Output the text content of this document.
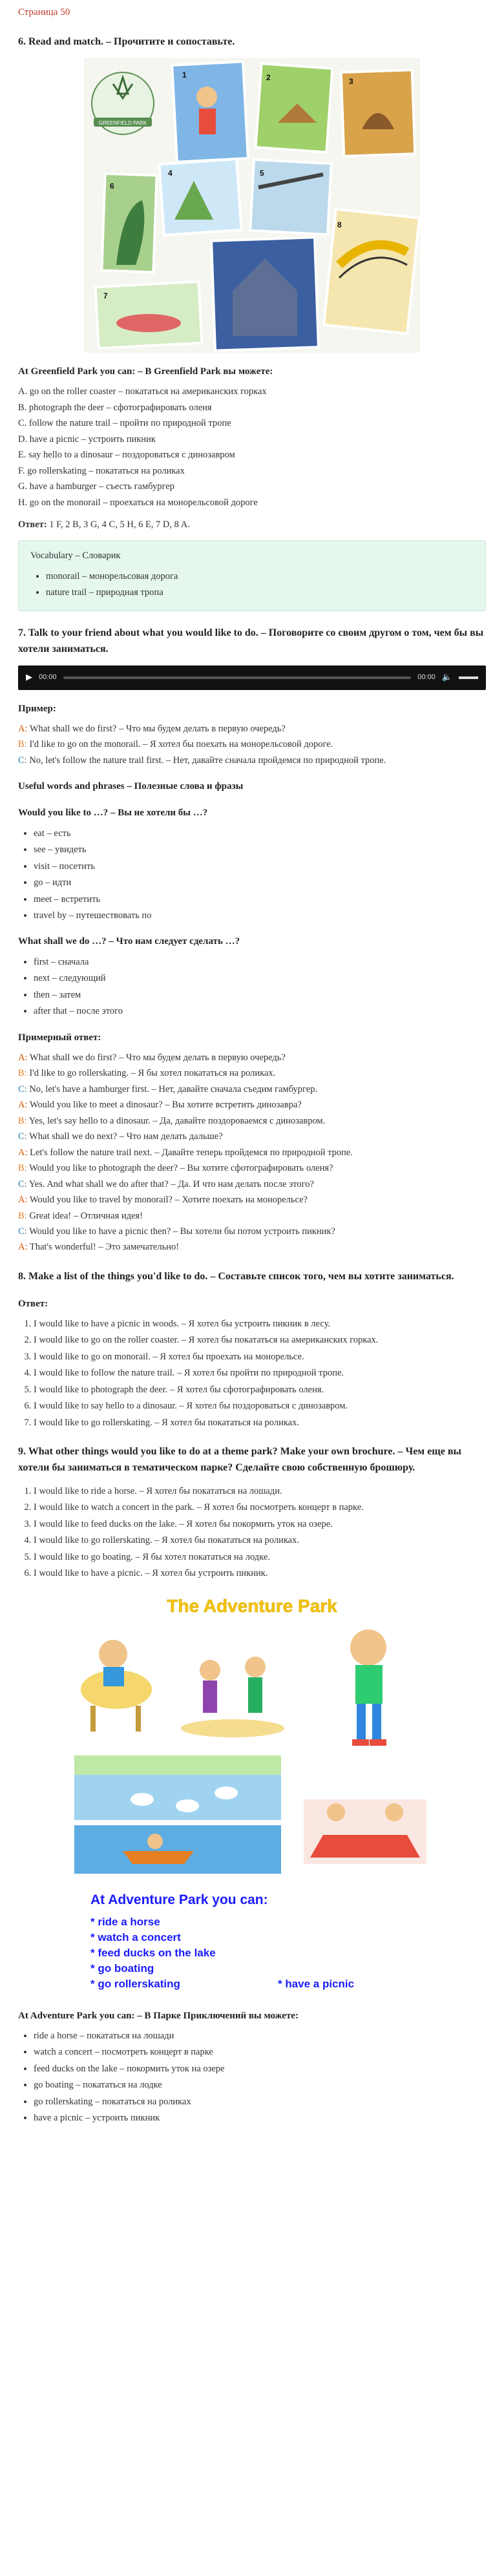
Страница 50
6. Read and match. – Прочитите и сопоставьте.
GREENFIELD PARK
1	2	3
4	5
6
7
8
At Greenfield Park you can: – В Greenfield Park вы можете:

A. go on the roller coaster – покататься на американских горках

B. photograph the deer – сфотографировать оленя

C. follow the nature trail – пройти по природной тропе

D. have a picnic – устроить пикник

E. say hello to a dinosaur – поздороваться с динозавром

F. go rollerskating – покататься на роликах

G. have a hamburger – съесть гамбургер

H. go on the monorail – проехаться на монорельсовой дороге

Ответ: 1 F, 2 B, 3 G, 4 C, 5 H, 6 E, 7 D, 8 A.

Vocabulary – Словарик
• monorail – монорельсовая дорога
• nature trail – природная тропа
7. Talk to your friend about what you would like to do. – Поговорите со своим другом о том, чем бы вы хотели заниматься.
▶ 00:00	00:00 🔈
Пример:

A: What shall we do first? – Что мы будем делать в первую очередь?

B: I'd like to go on the monorail. – Я хотел бы поехать на монорельсовой дороге.

C: No, let's follow the nature trail first. – Нет, давайте сначала пройдемся по природной тропе.

Useful words and phrases – Полезные слова и фразы
Would you like to …? – Вы не хотели бы …?
• eat – есть
• see – увидеть
• visit – посетить
• go – идти
• meet – встретить
• travel by – путешествовать по
What shall we do …? – Что нам следует сделать …?
• first – сначала
• next – следующий
• then – затем
• after that – после этого
Примерный ответ:

A: What shall we do first? – Что мы будем делать в первую очередь?

B: I'd like to go rollerskating. – Я бы хотел покататься на роликах.

C: No, let's have a hamburger first. – Нет, давайте сначала съедим гамбургер.

A: Would you like to meet a dinosaur? – Вы хотите встретить динозавра?

B: Yes, let's say hello to a dinosaur. – Да, давайте поздороваемся с динозавром.

C: What shall we do next? – Что нам делать дальше?

A: Let's follow the nature trail next. – Давайте теперь пройдемся по природной тропе.

B: Would you like to photograph the deer? – Вы хотите сфотографировать оленя?

C: Yes. And what shall we do after that? – Да. И что нам делать после этого?

A: Would you like to travel by monorail? – Хотите поехать на монорельсе?

B: Great idea! – Отличная идея!

C: Would you like to have a picnic then? – Вы хотели бы потом устроить пикник?

A: That's wonderful! – Это замечательно!

8. Make a list of the things you'd like to do. – Составьте список того, чем вы хотите заниматься.
Ответ:
1. I would like to have a picnic in woods. – Я хотел бы устроить пикник в лесу.
2. I would like to go on the roller coaster. – Я хотел бы покататься на американских горках.
3. I would like to go on monorail. – Я хотел бы проехать на монорельсе.
4. I would like to follow the nature trail. – Я хотел бы пройти по природной тропе.
5. I would like to photograph the deer. – Я хотел бы сфотографировать оленя.
6. I would like to say hello to a dinosaur. – Я хотел бы поздороваться с динозавром.
7. I would like to go rollerskating. – Я хотел бы покататься на роликах.
9. What other things would you like to do at a theme park? Make your own brochure. – Чем еще вы хотели бы заниматься в тематическом парке? Сделайте свою собственную брошюру.
1. I would like to ride a horse. – Я хотел бы покататься на лошади.
2. I would like to watch a concert in the park. – Я хотел бы посмотреть концерт в парке.
3. I would like to feed ducks on the lake. – Я хотел бы покормить уток на озере.
4. I would like to go rollerskating. – Я хотел бы покататься на роликах.
5. I would like to go boating. – Я бы хотел покататься на лодке.
6. I would like to have a picnic. – Я хотел бы устроить пикник.
The Adventure Park
At Adventure Park you can:
* ride a horse
* watch a concert
* feed ducks on the lake
* go boating
* go rollerskating	* have a picnic
At Adventure Park you can: – В Парке Приключений вы можете:
• ride a horse – покататься на лошади
• watch a concert – посмотреть концерт в парке
• feed ducks on the lake – покормить уток на озере
• go boating – покататься на лодке
• go rollerskating – покататься на роликах
• have a picnic – устроить пикник
